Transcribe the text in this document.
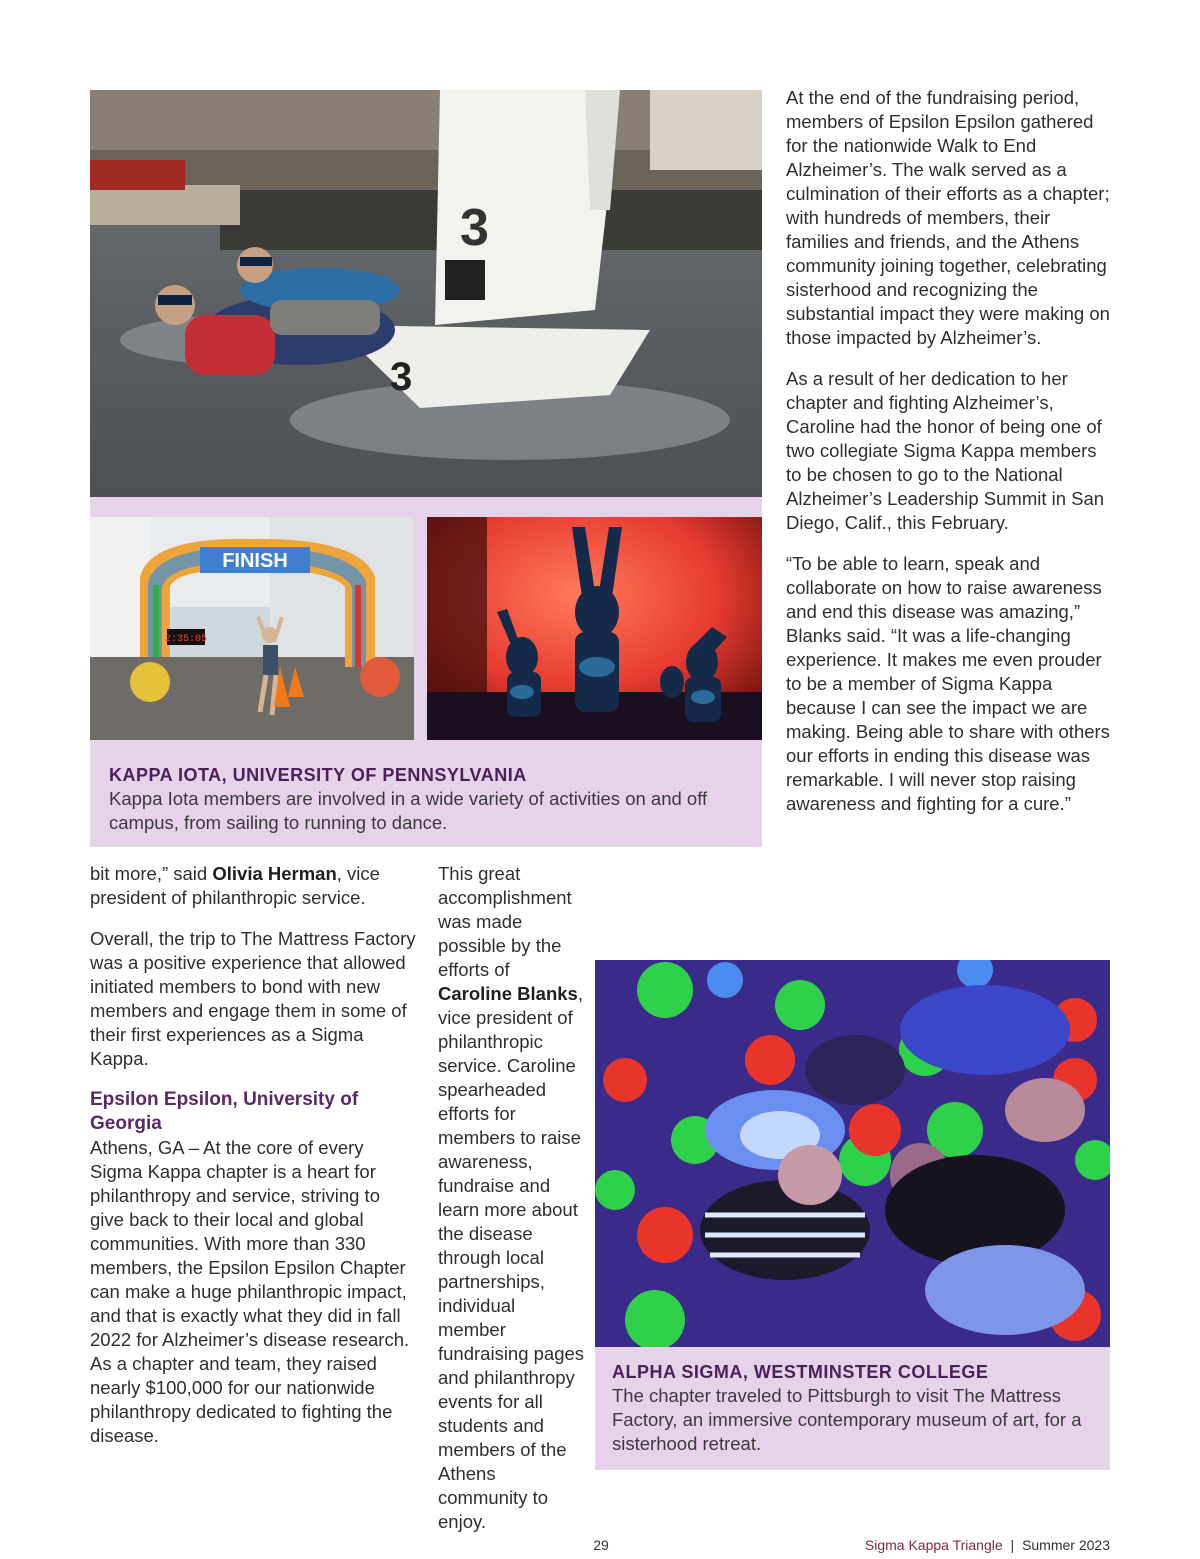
3
3
FINISH
2:35:05
KAPPA IOTA, UNIVERSITY OF PENNSYLVANIA
Kappa Iota members are involved in a wide variety of activities on and off campus, from sailing to running to dance.

At the end of the fundraising period, members of Epsilon Epsilon gathered for the nationwide Walk to End Alzheimer’s. The walk served as a culmination of their efforts as a chapter; with hundreds of members, their families and friends, and the Athens community joining together, celebrating sisterhood and recognizing the substantial impact they were making on those impacted by Alzheimer’s.

As a result of her dedication to her chapter and fighting Alzheimer’s, Caroline had the honor of being one of two collegiate Sigma Kappa members to be chosen to go to the National Alzheimer’s Leadership Summit in San Diego, Calif., this February.

“To be able to learn, speak and collaborate on how to raise awareness and end this disease was amazing,” Blanks said. “It was a life-changing experience. It makes me even prouder to be a member of Sigma Kappa because I can see the impact we are making. Being able to share with others our efforts in ending this disease was remarkable. I will never stop raising awareness and fighting for a cure.”

bit more,” said Olivia Herman, vice president of philanthropic service.

Overall, the trip to The Mattress Factory was a positive experience that allowed initiated members to bond with new members and engage them in some of their first experiences as a Sigma Kappa.

Epsilon Epsilon, University of Georgia

Athens, GA – At the core of every Sigma Kappa chapter is a heart for philanthropy and service, striving to give back to their local and global communities. With more than 330 members, the Epsilon Epsilon Chapter can make a huge philanthropic impact, and that is exactly what they did in fall 2022 for Alzheimer’s disease research. As a chapter and team, they raised nearly $100,000 for our nationwide philanthropy dedicated to fighting the disease.

This great accomplishment was made possible by the efforts of Caroline Blanks, vice president of philanthropic service. Caroline spearheaded efforts for members to raise awareness, fundraise and learn more about the disease through local partnerships, individual member fundraising pages and philanthropy events for all students and members of the Athens community to enjoy.

ALPHA SIGMA, WESTMINSTER COLLEGE
The chapter traveled to Pittsburgh to visit The Mattress Factory, an immersive contemporary museum of art, for a sisterhood retreat.
29	Sigma Kappa Triangle | Summer 2023
